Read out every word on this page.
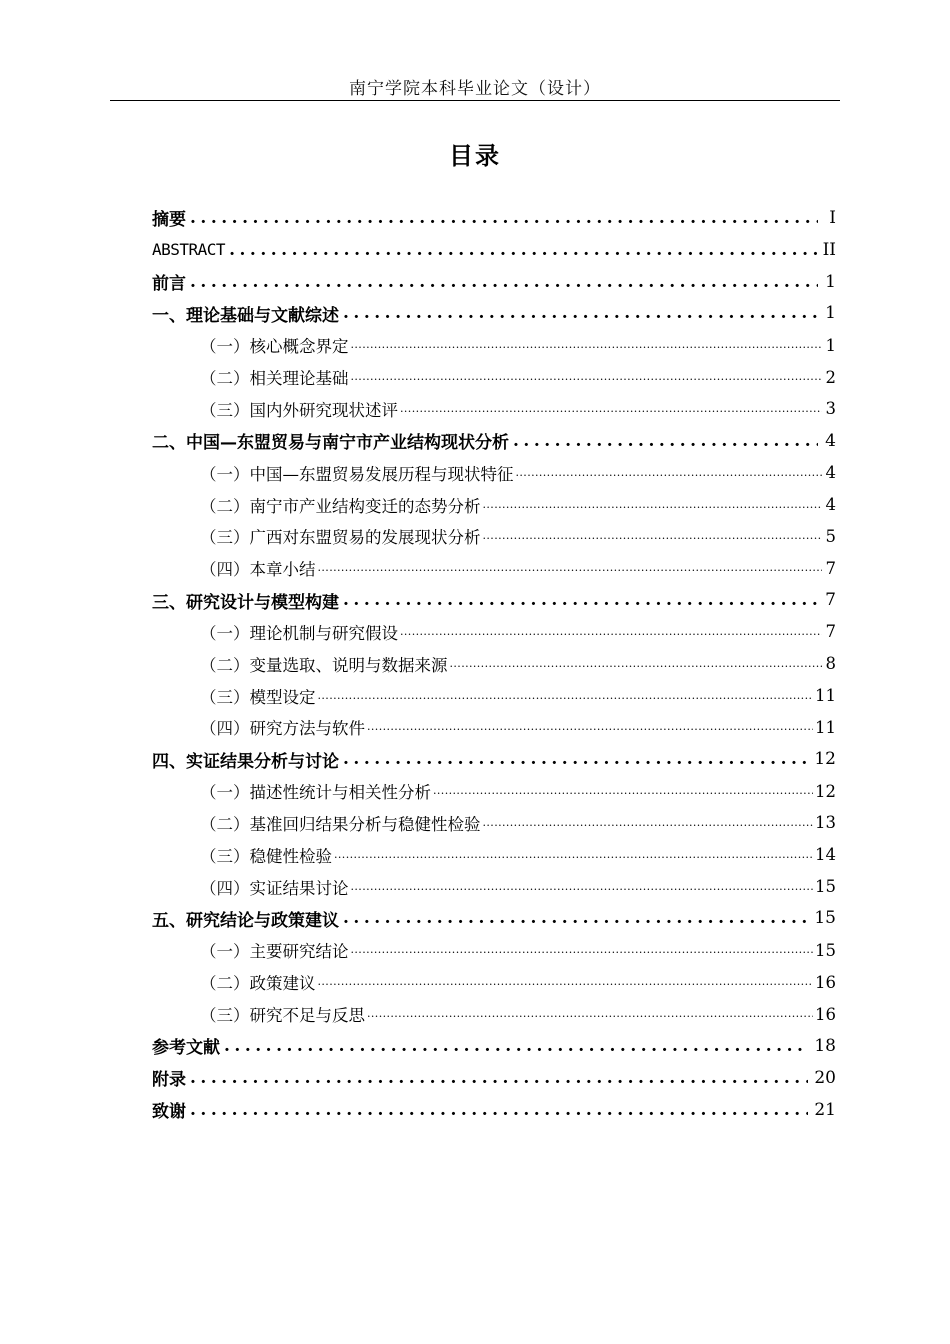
南宁学院本科毕业论文（设计）
目录
摘要 .....	I
ABSTRACT .....	II
前言 .....	1
一、 理论基础与文献综述 .....	1
（一） 核心概念界定 .....	1
（二） 相关理论基础 .....	2
（三） 国内外研究现状述评 .....	3
二、 中国—东盟贸易与南宁市产业结构现状分析 .....	4
（一） 中国—东盟贸易发展历程与现状特征 .....	4
（二） 南宁市产业结构变迁的态势分析 .....	4
（三） 广西对东盟贸易的发展现状分析 .....	5
（四） 本章小结 .....	7
三、 研究设计与模型构建 .....	7
（一） 理论机制与研究假设 .....	7
（二） 变量选取、说明与数据来源 .....	8
（三） 模型设定 .....	11
（四） 研究方法与软件 .....	11
四、 实证结果分析与讨论 .....	12
（一） 描述性统计与相关性分析 .....	12
（二） 基准回归结果分析与稳健性检验 .....	13
（三） 稳健性检验 .....	14
（四） 实证结果讨论 .....	15
五、 研究结论与政策建议 .....	15
（一） 主要研究结论 .....	15
（二） 政策建议 .....	16
（三） 研究不足与反思 .....	16
参考文献 .....	18
附录 .....	20
致谢 .....	21
